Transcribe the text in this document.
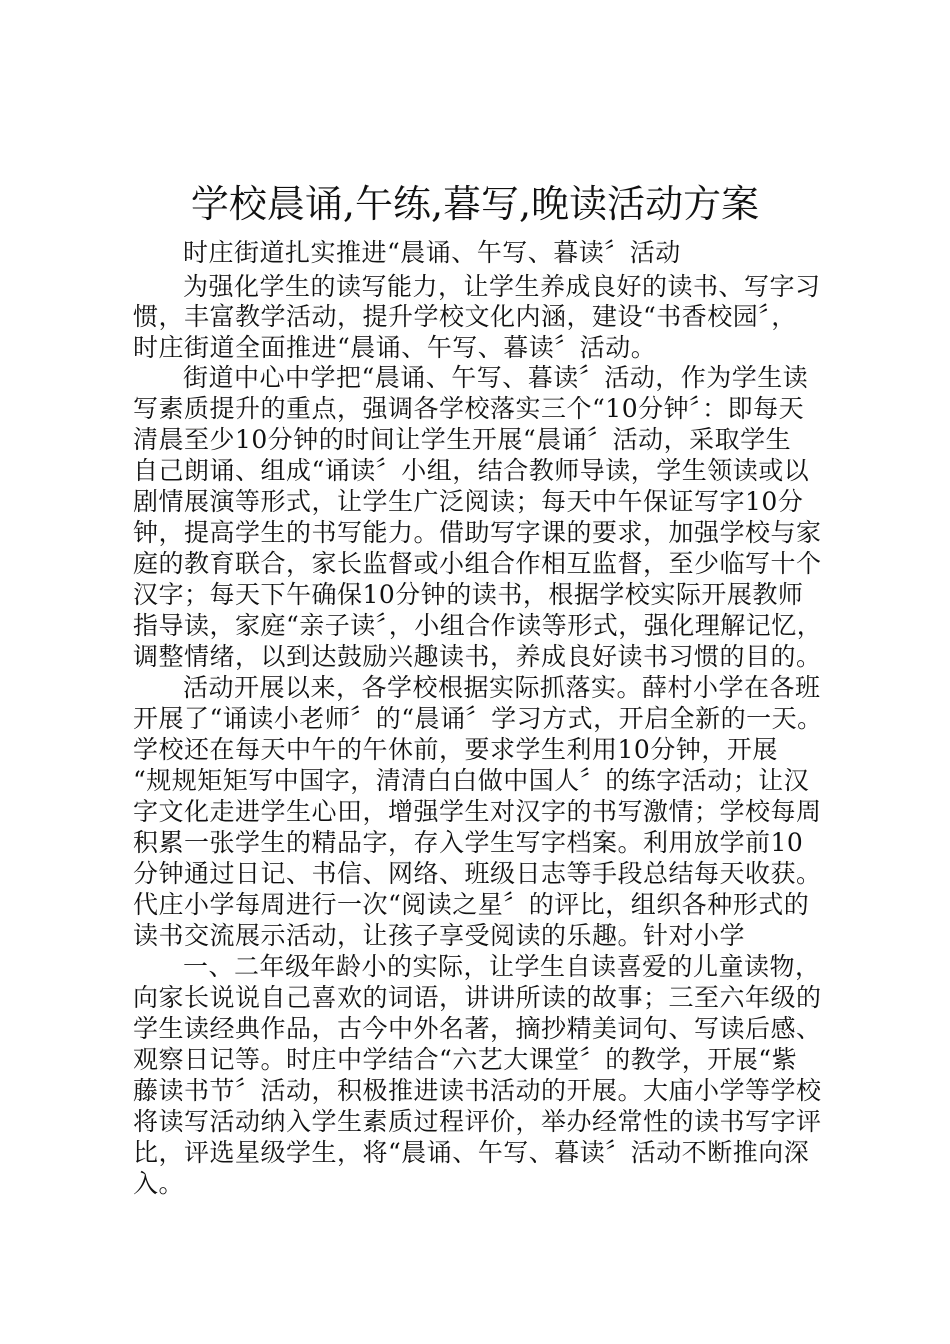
学校晨诵,午练,暮写,晚读活动方案
时庄街道扎实推进“晨诵、午写、暮读〞活动
为强化学生的读写能力，让学生养成良好的读书、写字习
惯，丰富教学活动，提升学校文化内涵，建设“书香校园〞，
时庄街道全面推进“晨诵、午写、暮读〞活动。
街道中心中学把“晨诵、午写、暮读〞活动，作为学生读
写素质提升的重点，强调各学校落实三个“10分钟〞：即每天
清晨至少10分钟的时间让学生开展“晨诵〞活动，采取学生
自己朗诵、组成“诵读〞小组，结合教师导读，学生领读或以
剧情展演等形式，让学生广泛阅读；每天中午保证写字10分
钟，提高学生的书写能力。借助写字课的要求，加强学校与家
庭的教育联合，家长监督或小组合作相互监督，至少临写十个
汉字；每天下午确保10分钟的读书，根据学校实际开展教师
指导读，家庭“亲子读〞，小组合作读等形式，强化理解记忆，
调整情绪，以到达鼓励兴趣读书，养成良好读书习惯的目的。
活动开展以来，各学校根据实际抓落实。薛村小学在各班
开展了“诵读小老师〞的“晨诵〞学习方式，开启全新的一天。
学校还在每天中午的午休前，要求学生利用10分钟，开展
“规规矩矩写中国字，清清白白做中国人〞的练字活动；让汉
字文化走进学生心田，增强学生对汉字的书写激情；学校每周
积累一张学生的精品字，存入学生写字档案。利用放学前10
分钟通过日记、书信、网络、班级日志等手段总结每天收获。
代庄小学每周进行一次“阅读之星〞的评比，组织各种形式的
读书交流展示活动，让孩子享受阅读的乐趣。针对小学
一、二年级年龄小的实际，让学生自读喜爱的儿童读物，
向家长说说自己喜欢的词语，讲讲所读的故事；三至六年级的
学生读经典作品，古今中外名著，摘抄精美词句、写读后感、
观察日记等。时庄中学结合“六艺大课堂〞的教学，开展“紫
藤读书节〞活动，积极推进读书活动的开展。大庙小学等学校
将读写活动纳入学生素质过程评价，举办经常性的读书写字评
比，评选星级学生，将“晨诵、午写、暮读〞活动不断推向深
入。
